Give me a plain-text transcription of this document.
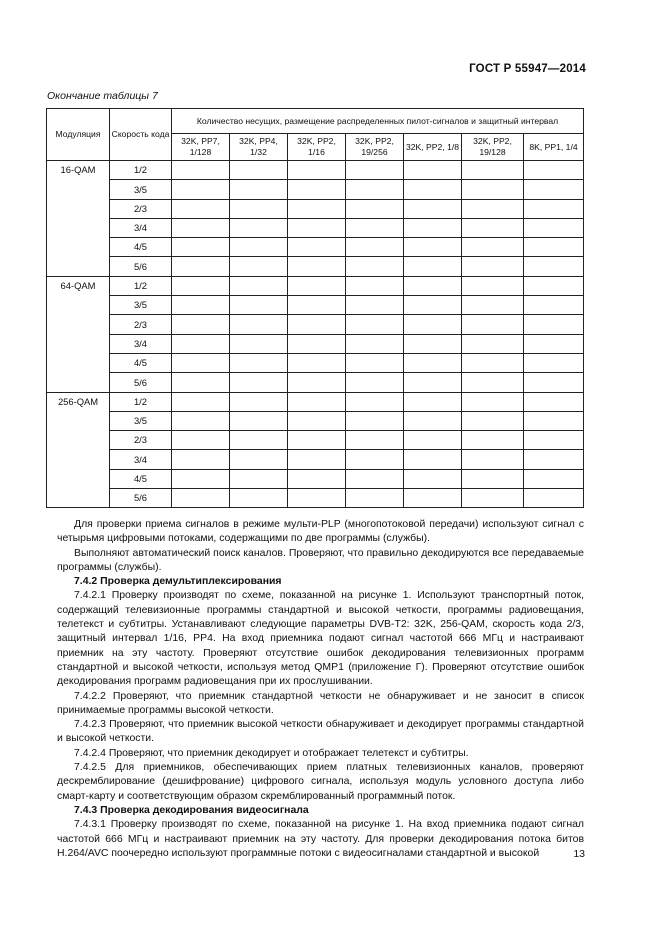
ГОСТ Р 55947—2014
Окончание таблицы 7
Модуляция	Скорость кода	Количество несущих, размещение распределенных пилот-сигналов и защитный интервал						
		32K, PP7, 1/128	32K, PP4, 1/32	32K, PP2, 1/16	32K, PP2, 19/256	32K, PP2, 1/8	32K, PP2, 19/128	8K, PP1, 1/4
16-QAM	1/2							
	3/5							
	2/3							
	3/4							
	4/5							
	5/6							
64-QAM	1/2							
	3/5							
	2/3							
	3/4							
	4/5							
	5/6							
256-QAM	1/2							
	3/5							
	2/3							
	3/4							
	4/5							
	5/6							

Для проверки приема сигналов в режиме мульти-PLP (многопотоковой передачи) используют сигнал с четырьмя цифровыми потоками, содержащими по две программы (службы).

Выполняют автоматический поиск каналов. Проверяют, что правильно декодируются все передаваемые программы (службы).

7.4.2 Проверка демультиплексирования

7.4.2.1 Проверку производят по схеме, показанной на рисунке 1. Используют транспортный поток, содержащий телевизионные программы стандартной и высокой четкости, программы радиовещания, телетекст и субтитры. Устанавливают следующие параметры DVB-T2: 32K, 256-QAM, скорость кода 2/3, защитный интервал 1/16, PP4. На вход приемника подают сигнал частотой 666 МГц и настраивают приемник на эту частоту. Проверяют отсутствие ошибок декодирования телевизионных программ стандартной и высокой четкости, используя метод QMP1 (приложение Г). Проверяют отсутствие ошибок декодирования программ радиовещания при их прослушивании.

7.4.2.2 Проверяют, что приемник стандартной четкости не обнаруживает и не заносит в список принимаемые программы высокой четкости.

7.4.2.3 Проверяют, что приемник высокой четкости обнаруживает и декодирует программы стандартной и высокой четкости.

7.4.2.4 Проверяют, что приемник декодирует и отображает телетекст и субтитры.

7.4.2.5 Для приемников, обеспечивающих прием платных телевизионных каналов, проверяют дескремблирование (дешифрование) цифрового сигнала, используя модуль условного доступа либо смарт-карту и соответствующим образом скремблированный программный поток.

7.4.3 Проверка декодирования видеосигнала

7.4.3.1 Проверку производят по схеме, показанной на рисунке 1. На вход приемника подают сигнал частотой 666 МГц и настраивают приемник на эту частоту. Для проверки декодирования потока битов H.264/AVC поочередно используют программные потоки с видеосигналами стандартной и высокой	13
